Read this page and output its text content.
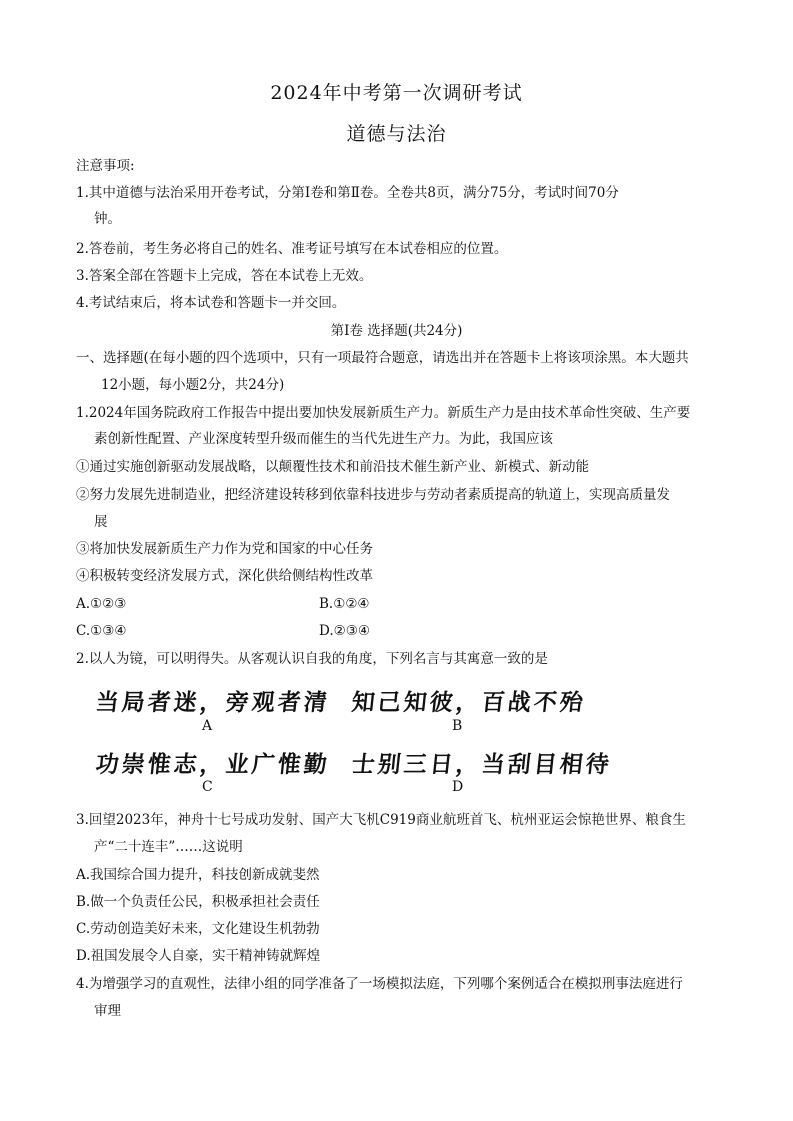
2024年中考第一次调研考试
道德与法治
注意事项:
1.其中道德与法治采用开卷考试，分第Ⅰ卷和第Ⅱ卷。全卷共8页，满分75分，考试时间70分
钟。
2.答卷前，考生务必将自己的姓名、准考证号填写在本试卷相应的位置。
3.答案全部在答题卡上完成，答在本试卷上无效。
4.考试结束后，将本试卷和答题卡一并交回。
第Ⅰ卷 选择题(共24分)
一、选择题(在每小题的四个选项中，只有一项最符合题意，请选出并在答题卡上将该项涂黑。本大题共
12小题，每小题2分，共24分)
1.2024年国务院政府工作报告中提出要加快发展新质生产力。新质生产力是由技术革命性突破、生产要
素创新性配置、产业深度转型升级而催生的当代先进生产力。为此，我国应该
①通过实施创新驱动发展战略，以颠覆性技术和前沿技术催生新产业、新模式、新动能
②努力发展先进制造业，把经济建设转移到依靠科技进步与劳动者素质提高的轨道上，实现高质量发
展
③将加快发展新质生产力作为党和国家的中心任务
④积极转变经济发展方式，深化供给侧结构性改革
A.①②③	B.①②④
C.①③④	D.②③④
2.以人为镜，可以明得失。从客观认识自我的角度，下列名言与其寓意一致的是
当局者迷，旁观者清
A
知己知彼，百战不殆
B
功崇惟志，业广惟勤
C
士别三日，当刮目相待
D
3.回望2023年，神舟十七号成功发射、国产大飞机C919商业航班首飞、杭州亚运会惊艳世界、粮食生
产“二十连丰”……这说明
A.我国综合国力提升，科技创新成就斐然
B.做一个负责任公民，积极承担社会责任
C.劳动创造美好未来，文化建设生机勃勃
D.祖国发展令人自豪，实干精神铸就辉煌
4.为增强学习的直观性，法律小组的同学准备了一场模拟法庭，下列哪个案例适合在模拟刑事法庭进行
审理
